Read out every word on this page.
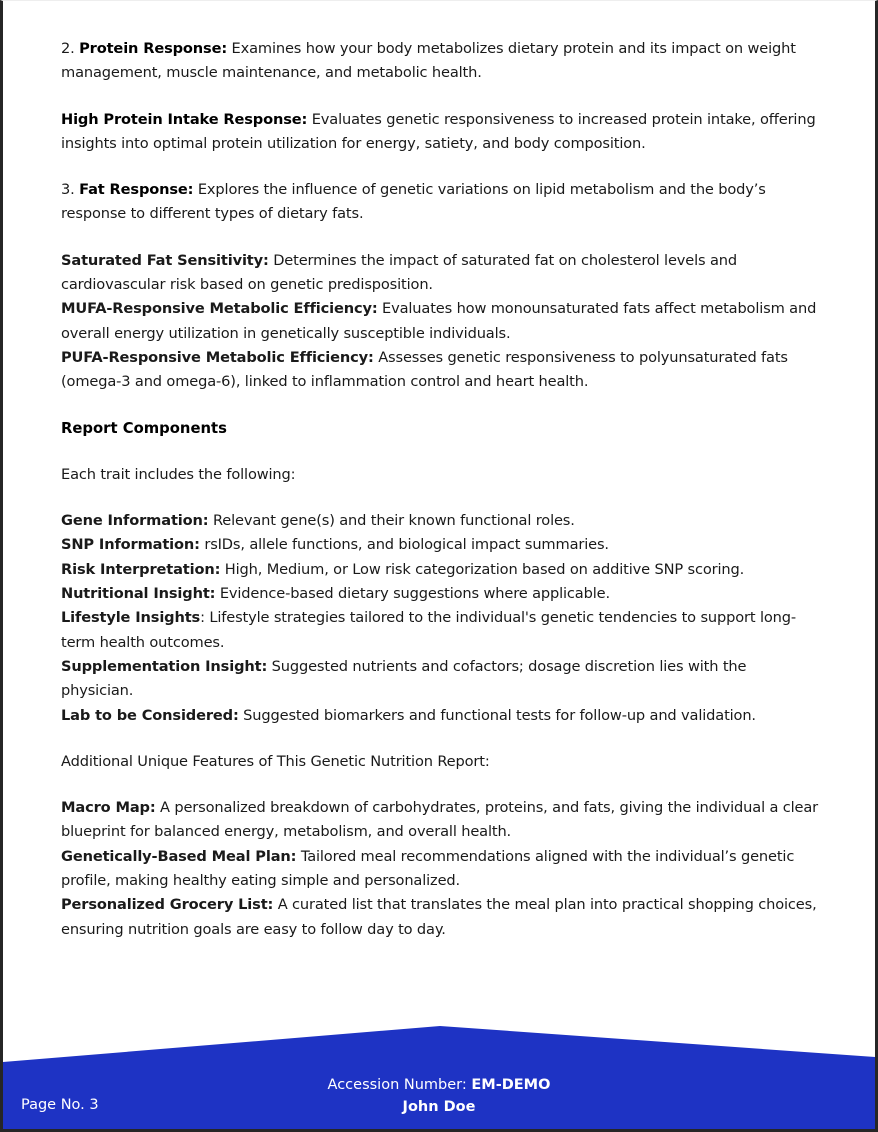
2. Protein Response: Examines how your body metabolizes dietary protein and its impact on weight management, muscle maintenance, and metabolic health.

High Protein Intake Response: Evaluates genetic responsiveness to increased protein intake, offering insights into optimal protein utilization for energy, satiety, and body composition.

3. Fat Response: Explores the influence of genetic variations on lipid metabolism and the body’s response to different types of dietary fats.

Saturated Fat Sensitivity: Determines the impact of saturated fat on cholesterol levels and cardiovascular risk based on genetic predisposition.
MUFA-Responsive Metabolic Efficiency: Evaluates how monounsaturated fats affect metabolism and overall energy utilization in genetically susceptible individuals.
PUFA-Responsive Metabolic Efficiency: Assesses genetic responsiveness to polyunsaturated fats (omega-3 and omega-6), linked to inflammation control and heart health.
Report Components

Each trait includes the following:

Gene Information: Relevant gene(s) and their known functional roles.
SNP Information: rsIDs, allele functions, and biological impact summaries.
Risk Interpretation: High, Medium, or Low risk categorization based on additive SNP scoring.
Nutritional Insight: Evidence-based dietary suggestions where applicable.
Lifestyle Insights: Lifestyle strategies tailored to the individual's genetic tendencies to support long-term health outcomes.
Supplementation Insight: Suggested nutrients and cofactors; dosage discretion lies with the physician.
Lab to be Considered: Suggested biomarkers and functional tests for follow-up and validation.

Additional Unique Features of This Genetic Nutrition Report:

Macro Map: A personalized breakdown of carbohydrates, proteins, and fats, giving the individual a clear blueprint for balanced energy, metabolism, and overall health.
Genetically-Based Meal Plan: Tailored meal recommendations aligned with the individual’s genetic profile, making healthy eating simple and personalized.
Personalized Grocery List: A curated list that translates the meal plan into practical shopping choices, ensuring nutrition goals are easy to follow day to day.
Page No. 3
Accession Number: EM-DEMO
John Doe
